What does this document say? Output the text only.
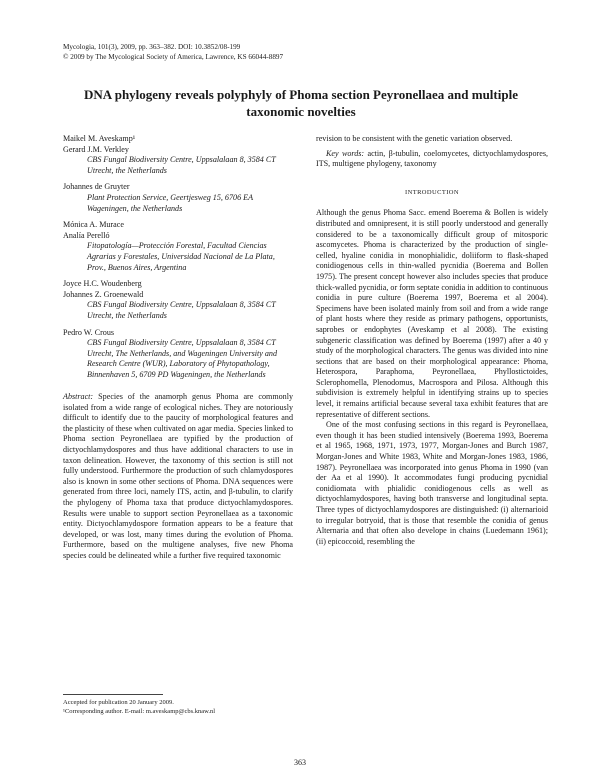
Mycologia, 101(3), 2009, pp. 363–382. DOI: 10.3852/08-199
© 2009 by The Mycological Society of America, Lawrence, KS 66044-8897
DNA phylogeny reveals polyphyly of Phoma section Peyronellaea and multiple taxonomic novelties
Maikel M. Aveskamp¹
Gerard J.M. Verkley
CBS Fungal Biodiversity Centre, Uppsalalaan 8, 3584 CT Utrecht, the Netherlands
Johannes de Gruyter
Plant Protection Service, Geertjesweg 15, 6706 EA Wageningen, the Netherlands
Mónica A. Murace
Analía Perelló
Fitopatología—Protección Forestal, Facultad Ciencias Agrarias y Forestales, Universidad Nacional de La Plata, Prov., Buenos Aires, Argentina
Joyce H.C. Woudenberg
Johannes Z. Groenewald
CBS Fungal Biodiversity Centre, Uppsalalaan 8, 3584 CT Utrecht, the Netherlands
Pedro W. Crous
CBS Fungal Biodiversity Centre, Uppsalalaan 8, 3584 CT Utrecht, The Netherlands, and Wageningen University and Research Centre (WUR), Laboratory of Phytopathology, Binnenhaven 5, 6709 PD Wageningen, the Netherlands
Abstract: Species of the anamorph genus Phoma are commonly isolated from a wide range of ecological niches. They are notoriously difficult to identify due to the paucity of morphological features and the plasticity of these when cultivated on agar media. Species linked to Phoma section Peyronellaea are typified by the production of dictyochlamydospores and thus have additional characters to use in taxon delineation. However, the taxonomy of this section is still not fully understood. Furthermore the production of such chlamydospores also is known in some other sections of Phoma. DNA sequences were generated from three loci, namely ITS, actin, and β-tubulin, to clarify the phylogeny of Phoma taxa that produce dictyochlamydospores. Results were unable to support section Peyronellaea as a taxonomic entity. Dictyochlamydospore formation appears to be a feature that developed, or was lost, many times during the evolution of Phoma. Furthermore, based on the multigene analyses, five new Phoma species could be delineated while a further five required taxonomic
Accepted for publication 20 January 2009.
¹Corresponding author. E-mail: m.aveskamp@cbs.knaw.nl

revision to be consistent with the genetic variation observed.

Key words: actin, β-tubulin, coelomycetes, dictyochlamydospores, ITS, multigene phylogeny, taxonomy

INTRODUCTION

Although the genus Phoma Sacc. emend Boerema & Bollen is widely distributed and omnipresent, it is still poorly understood and generally considered to be a taxonomically difficult group of mitosporic ascomycetes. Phoma is characterized by the production of single-celled, hyaline conidia in monophialidic, doliiform to flask-shaped conidiogenous cells in thin-walled pycnidia (Boerema and Bollen 1975). The present concept however also includes species that produce thick-walled pycnidia, or form septate conidia in addition to continuous conidia in pure culture (Boerema 1997, Boerema et al 2004). Specimens have been isolated mainly from soil and from a wide range of plant hosts where they reside as primary pathogens, opportunists, saprobes or endophytes (Aveskamp et al 2008). The existing subgeneric classification was defined by Boerema (1997) after a 40 y study of the morphological characters. The genus was divided into nine sections that are based on their morphological appearance: Phoma, Heterospora, Paraphoma, Peyronellaea, Phyllostictoides, Sclerophomella, Plenodomus, Macrospora and Pilosa. Although this subdivision is extremely helpful in identifying strains up to species level, it remains artificial because several taxa exhibit features that are representative of different sections.

One of the most confusing sections in this regard is Peyronellaea, even though it has been studied intensively (Boerema 1993, Boerema et al 1965, 1968, 1971, 1973, 1977, Morgan-Jones and Burch 1987, Morgan-Jones and White 1983, White and Morgan-Jones 1983, 1986, 1987). Peyronellaea was incorporated into genus Phoma in 1990 (van der Aa et al 1990). It accommodates fungi producing pycnidial conidiomata with phialidic conidiogenous cells as well as dictyochlamydospores, having both transverse and longitudinal septa. Three types of dictyochlamydospores are distinguished: (i) alternarioid to irregular botryoid, that is those that resemble the conidia of genus Alternaria and that often also develope in chains (Luedemann 1961); (ii) epicoccoid, resembling the

363
